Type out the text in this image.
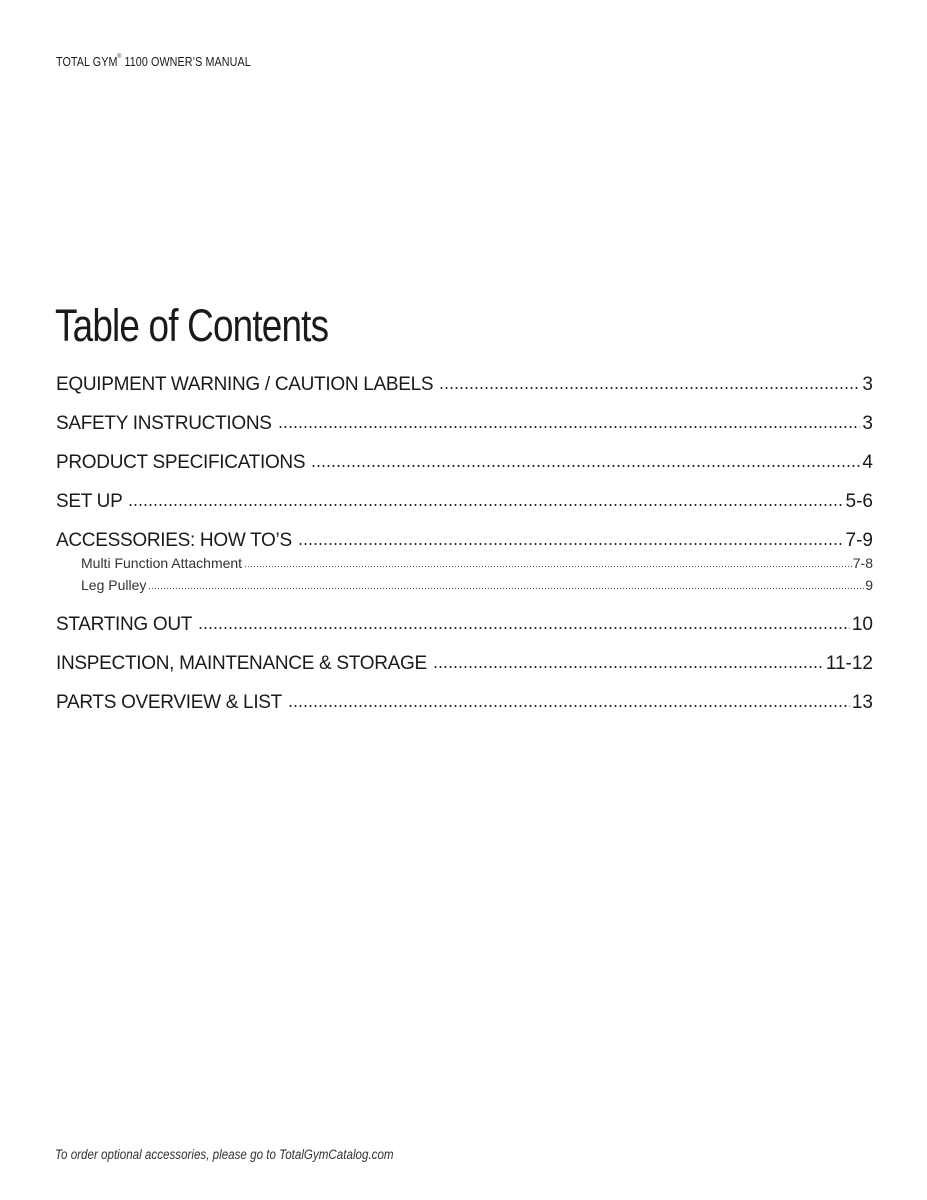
TOTAL GYM® 1100 OWNER’S MANUAL
Table of Contents
EQUIPMENT WARNING / CAUTION LABELS	3
SAFETY INSTRUCTIONS	3
PRODUCT SPECIFICATIONS	4
SET UP	5-6
ACCESSORIES: HOW TO’S	7-9
Multi Function Attachment	7-8
Leg Pulley	9
STARTING OUT	10
INSPECTION, MAINTENANCE & STORAGE	11-12
PARTS OVERVIEW & LIST	13
To order optional accessories, please go to TotalGymCatalog.com
